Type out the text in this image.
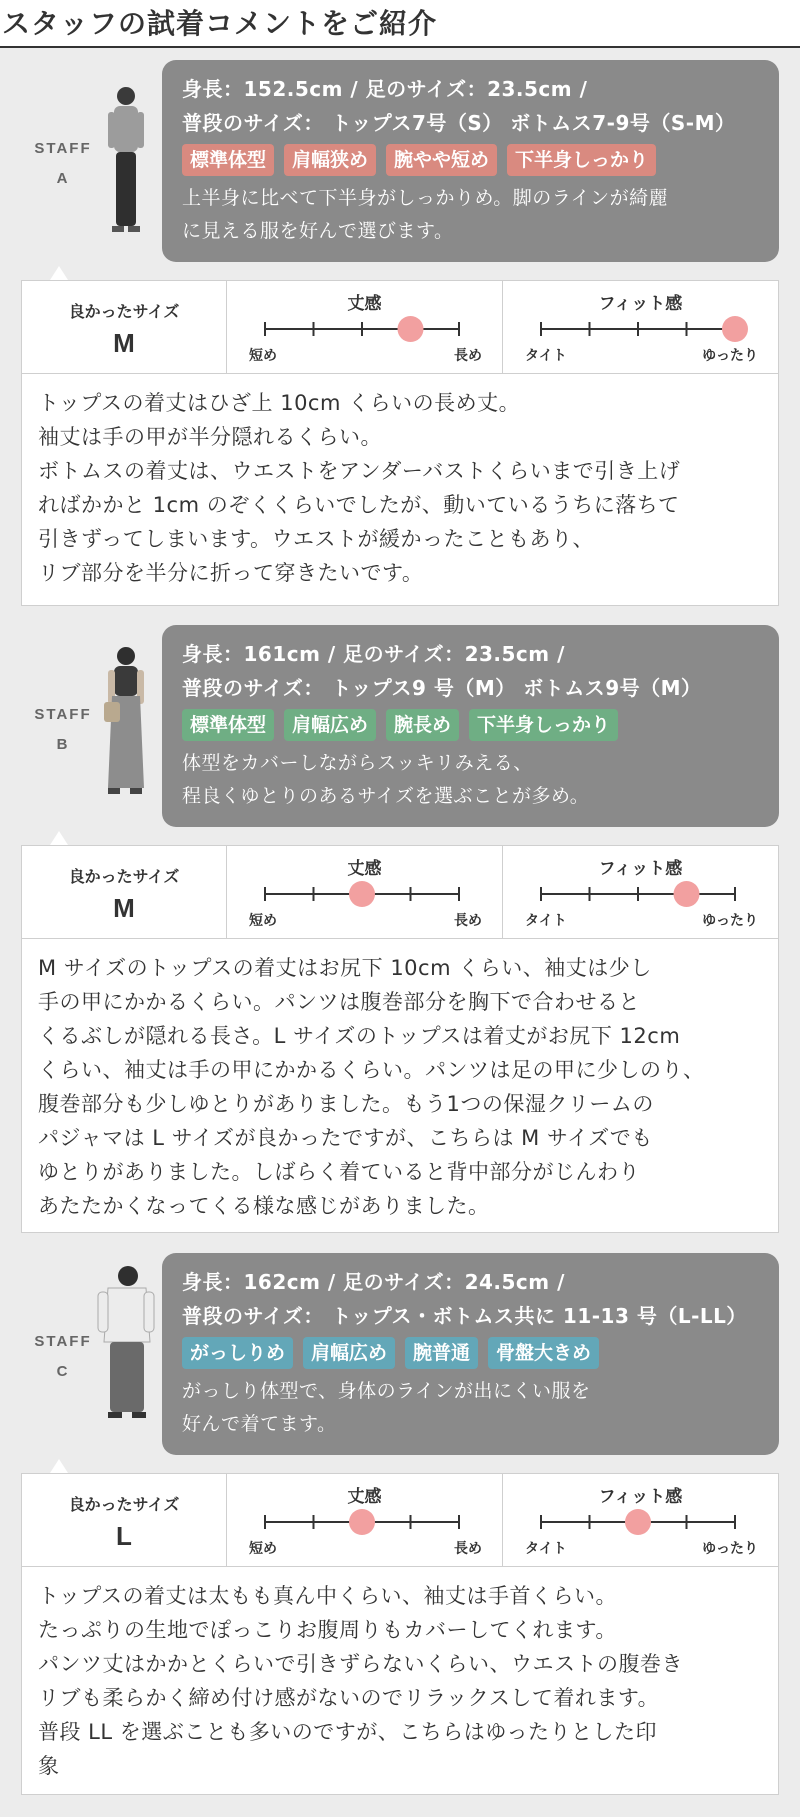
スタッフの試着コメントをご紹介
STAFF
A
身長：152.5cm / 足のサイズ：23.5cm /
普段のサイズ： トップス7号（S） ボトムス7-9号（S-M）
標準体型	肩幅狭め	腕やや短め	下半身しっかり
上半身に比べて下半身がしっかりめ。脚のラインが綺麗
に見える服を好んで選びます。
良かったサイズ
M
丈感
短め	長め
フィット感
タイト	ゆったり
トップスの着丈はひざ上 10cm くらいの長め丈。
袖丈は手の甲が半分隠れるくらい。
ボトムスの着丈は、ウエストをアンダーバストくらいまで引き上げ
ればかかと 1cm のぞくくらいでしたが、動いているうちに落ちて
引きずってしまいます。ウエストが緩かったこともあり、
リブ部分を半分に折って穿きたいです。
STAFF
B
身長：161cm / 足のサイズ：23.5cm /
普段のサイズ： トップス9 号（M） ボトムス9号（M）
標準体型	肩幅広め	腕長め	下半身しっかり
体型をカバーしながらスッキリみえる、
程良くゆとりのあるサイズを選ぶことが多め。
良かったサイズ
M
丈感
短め	長め
フィット感
タイト	ゆったり
M サイズのトップスの着丈はお尻下 10cm くらい、袖丈は少し
手の甲にかかるくらい。パンツは腹巻部分を胸下で合わせると
くるぶしが隠れる長さ。L サイズのトップスは着丈がお尻下 12cm
くらい、袖丈は手の甲にかかるくらい。パンツは足の甲に少しのり、
腹巻部分も少しゆとりがありました。もう1つの保湿クリームの
パジャマは L サイズが良かったですが、こちらは M サイズでも
ゆとりがありました。しばらく着ていると背中部分がじんわり
あたたかくなってくる様な感じがありました。
STAFF
C
身長：162cm / 足のサイズ：24.5cm /
普段のサイズ： トップス・ボトムス共に 11-13 号（L-LL）
がっしりめ	肩幅広め	腕普通	骨盤大きめ
がっしり体型で、身体のラインが出にくい服を
好んで着てます。
良かったサイズ
L
丈感
短め	長め
フィット感
タイト	ゆったり
トップスの着丈は太もも真ん中くらい、袖丈は手首くらい。
たっぷりの生地でぽっこりお腹周りもカバーしてくれます。
パンツ丈はかかとくらいで引きずらないくらい、ウエストの腹巻き
リブも柔らかく締め付け感がないのでリラックスして着れます。
普段 LL を選ぶことも多いのですが、こちらはゆったりとした印
象
